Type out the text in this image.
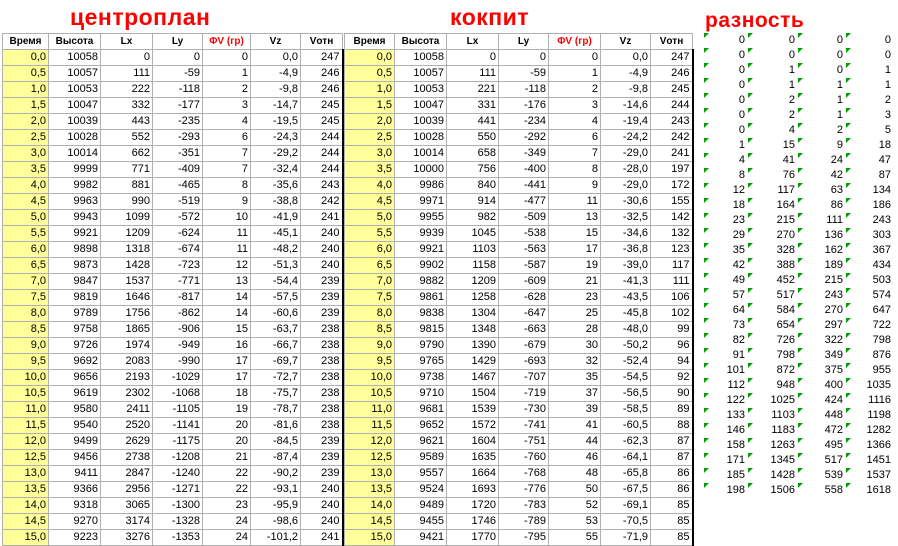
центроплан	кокпит	разность
Время	Высота	Lx	Ly	ΦV (гр)	Vz	Vотн
0,0	10058	0	0	0	0,0	247
0,5	10057	111	-59	1	-4,9	246
1,0	10053	222	-118	2	-9,8	246
1,5	10047	332	-177	3	-14,7	245
2,0	10039	443	-235	4	-19,5	245
2,5	10028	552	-293	6	-24,3	244
3,0	10014	662	-351	7	-29,2	244
3,5	9999	771	-409	7	-32,4	244
4,0	9982	881	-465	8	-35,6	243
4,5	9963	990	-519	9	-38,8	242
5,0	9943	1099	-572	10	-41,9	241
5,5	9921	1209	-624	11	-45,1	240
6,0	9898	1318	-674	11	-48,2	240
6,5	9873	1428	-723	12	-51,3	240
7,0	9847	1537	-771	13	-54,4	239
7,5	9819	1646	-817	14	-57,5	239
8,0	9789	1756	-862	14	-60,6	239
8,5	9758	1865	-906	15	-63,7	238
9,0	9726	1974	-949	16	-66,7	238
9,5	9692	2083	-990	17	-69,7	238
10,0	9656	2193	-1029	17	-72,7	238
10,5	9619	2302	-1068	18	-75,7	238
11,0	9580	2411	-1105	19	-78,7	238
11,5	9540	2520	-1141	20	-81,6	238
12,0	9499	2629	-1175	20	-84,5	239
12,5	9456	2738	-1208	21	-87,4	239
13,0	9411	2847	-1240	22	-90,2	239
13,5	9366	2956	-1271	22	-93,1	240
14,0	9318	3065	-1300	23	-95,9	240
14,5	9270	3174	-1328	24	-98,6	240
15,0	9223	3276	-1353	24	-101,2	241
Время	Высота	Lx	Ly	ΦV (гр)	Vz	Vотн
0,0	10058	0	0	0	0,0	247
0,5	10057	111	-59	1	-4,9	246
1,0	10053	221	-118	2	-9,8	245
1,5	10047	331	-176	3	-14,6	244
2,0	10039	441	-234	4	-19,4	243
2,5	10028	550	-292	6	-24,2	242
3,0	10014	658	-349	7	-29,0	241
3,5	10000	756	-400	8	-28,0	197
4,0	9986	840	-441	9	-29,0	172
4,5	9971	914	-477	11	-30,6	155
5,0	9955	982	-509	13	-32,5	142
5,5	9939	1045	-538	15	-34,6	132
6,0	9921	1103	-563	17	-36,8	123
6,5	9902	1158	-587	19	-39,0	117
7,0	9882	1209	-609	21	-41,3	111
7,5	9861	1258	-628	23	-43,5	106
8,0	9838	1304	-647	25	-45,8	102
8,5	9815	1348	-663	28	-48,0	99
9,0	9790	1390	-679	30	-50,2	96
9,5	9765	1429	-693	32	-52,4	94
10,0	9738	1467	-707	35	-54,5	92
10,5	9710	1504	-719	37	-56,5	90
11,0	9681	1539	-730	39	-58,5	89
11,5	9652	1572	-741	41	-60,5	88
12,0	9621	1604	-751	44	-62,3	87
12,5	9589	1635	-760	46	-64,1	87
13,0	9557	1664	-768	48	-65,8	86
13,5	9524	1693	-776	50	-67,5	86
14,0	9489	1720	-783	52	-69,1	85
14,5	9455	1746	-789	53	-70,5	85
15,0	9421	1770	-795	55	-71,9	85
0	0	0	0

0	0	0	0

0	1	0	1

0	1	1	1

0	2	1	2

0	2	1	3

0	4	2	5

1	15	9	18

4	41	24	47

8	76	42	87

12	117	63	134

18	164	86	186

23	215	111	243

29	270	136	303

35	328	162	367

42	388	189	434

49	452	215	503

57	517	243	574

64	584	270	647

73	654	297	722

82	726	322	798

91	798	349	876

101	872	375	955

112	948	400	1035

122	1025	424	1116

133	1103	448	1198

146	1183	472	1282

158	1263	495	1366

171	1345	517	1451

185	1428	539	1537

198	1506	558	1618
